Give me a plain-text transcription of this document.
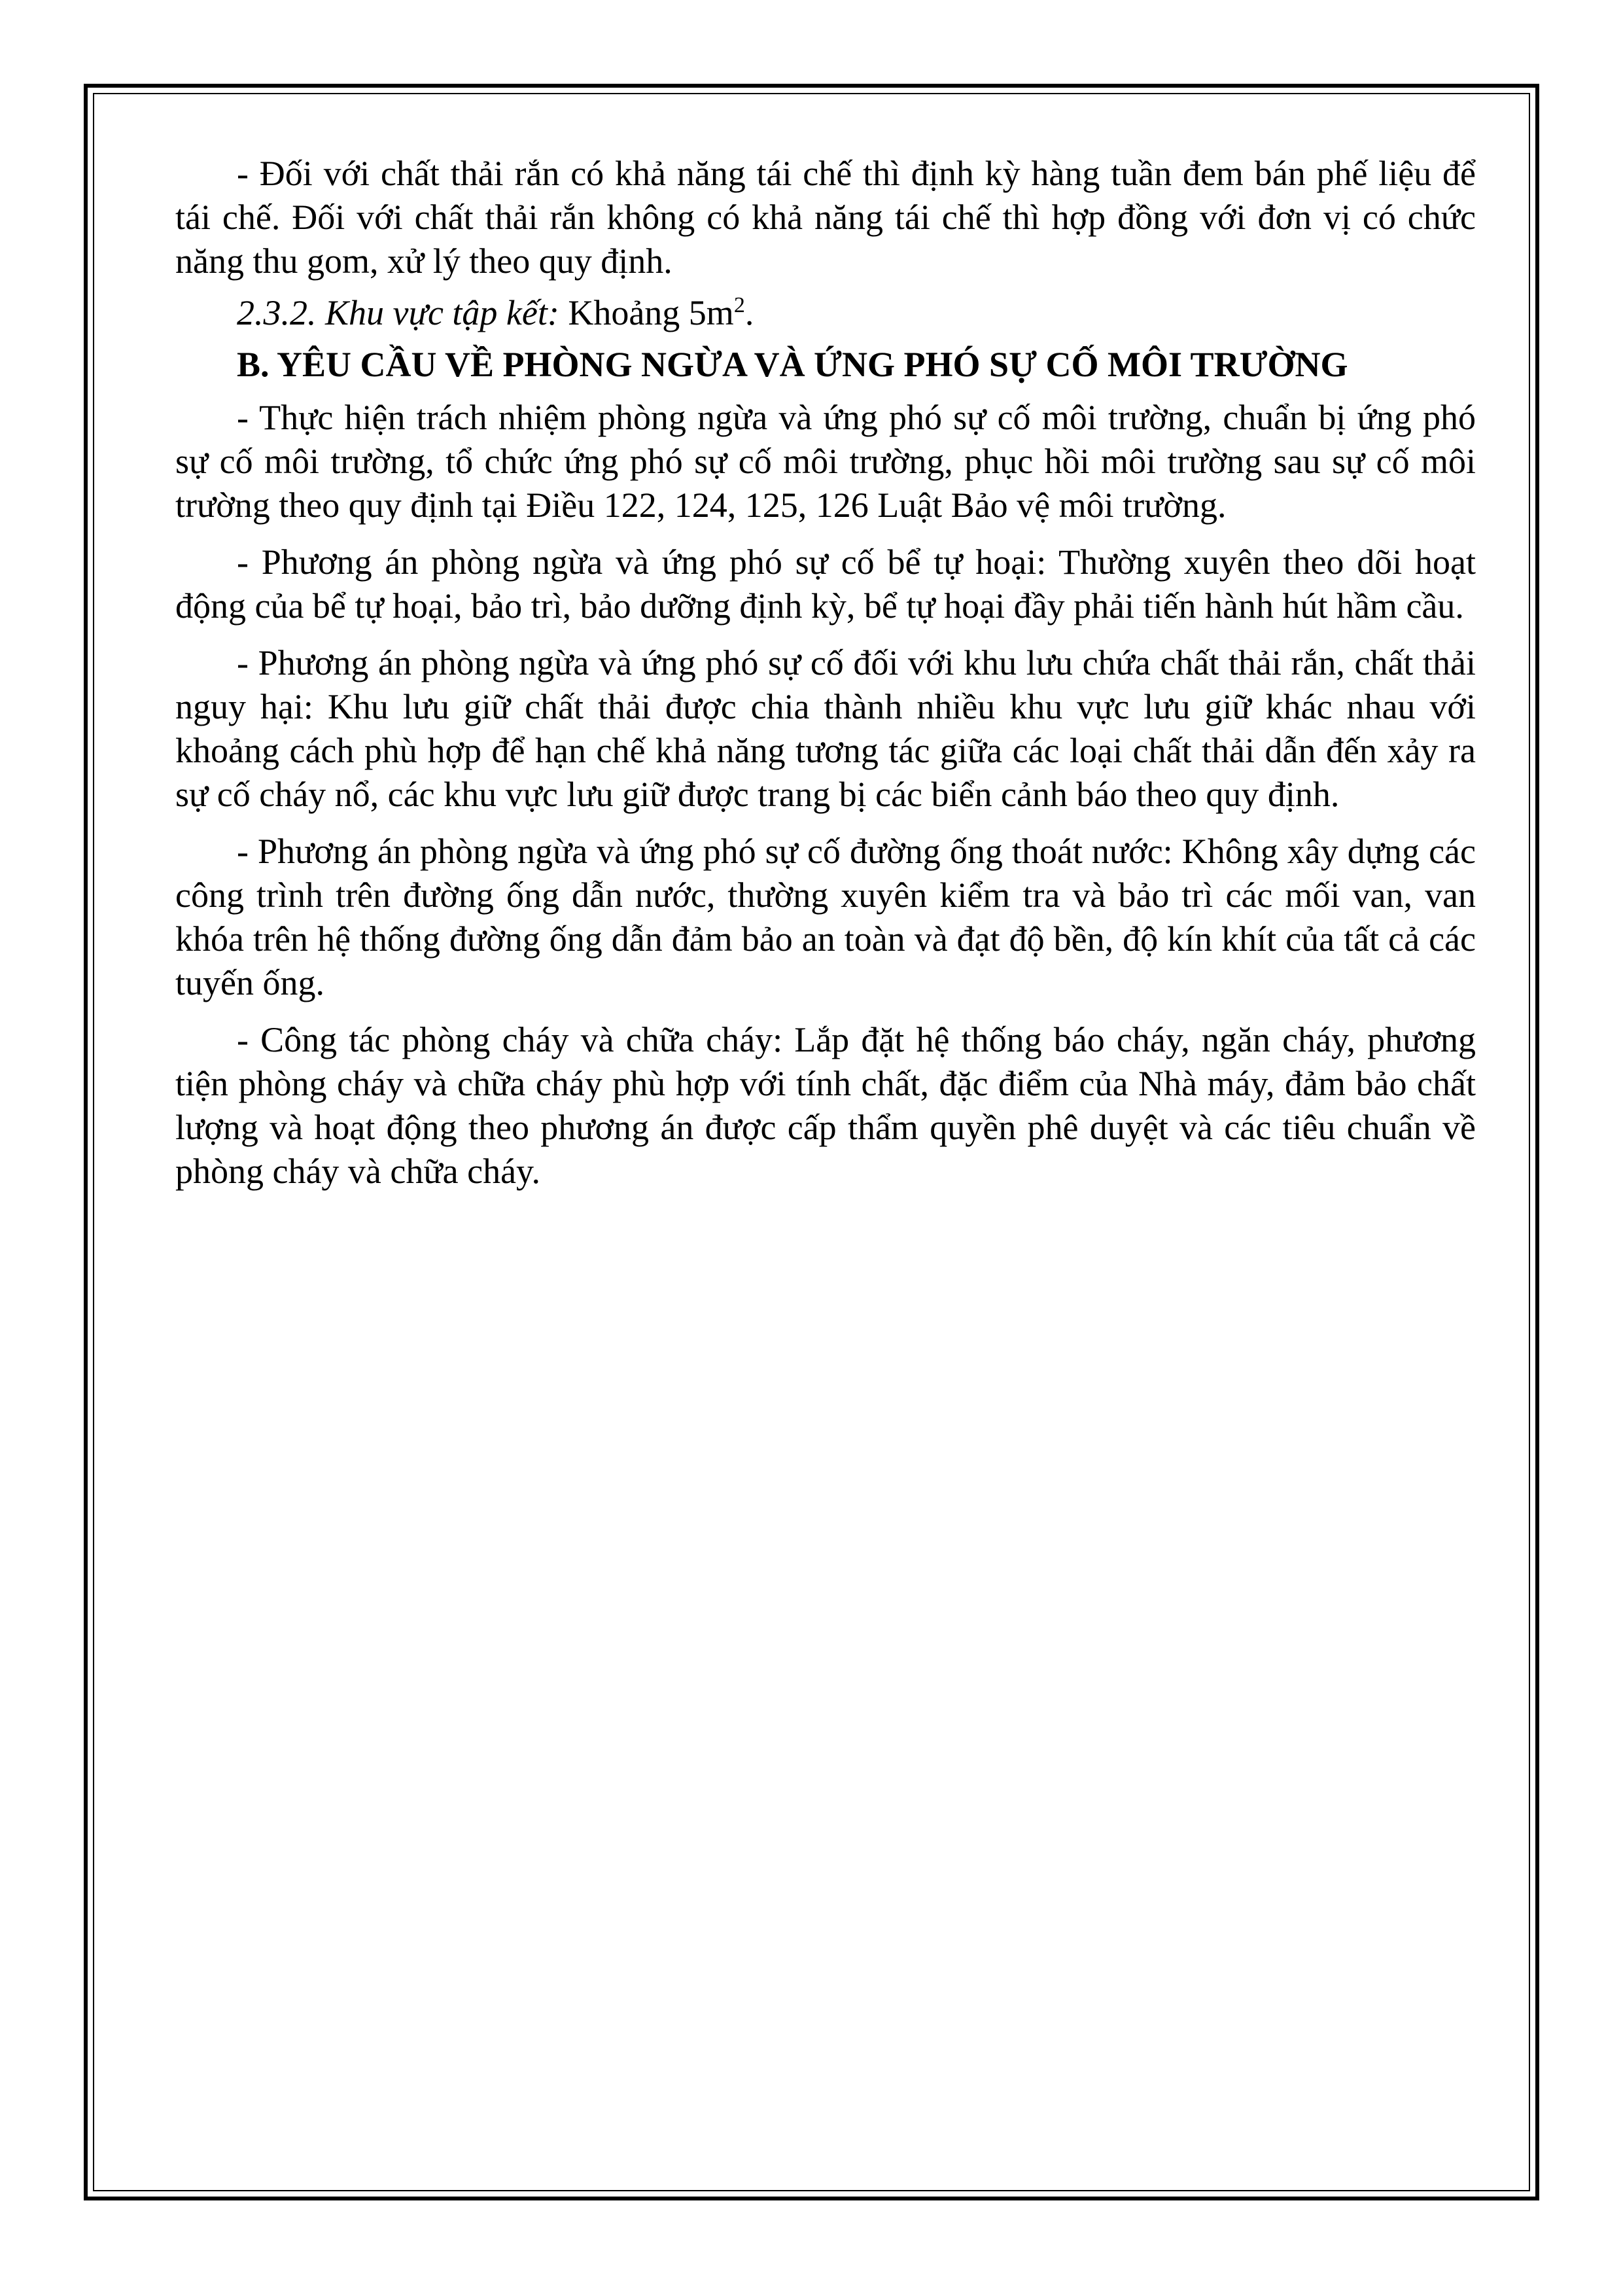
- Đối với chất thải rắn có khả năng tái chế thì định kỳ hàng tuần đem bán phế liệu để tái chế. Đối với chất thải rắn không có khả năng tái chế thì hợp đồng với đơn vị có chức năng thu gom, xử lý theo quy định.

2.3.2. Khu vực tập kết: Khoảng $5m^2$.

B. YÊU CẦU VỀ PHÒNG NGỪA VÀ ỨNG PHÓ SỰ CỐ MÔI TRƯỜNG

- Thực hiện trách nhiệm phòng ngừa và ứng phó sự cố môi trường, chuẩn bị ứng phó sự cố môi trường, tổ chức ứng phó sự cố môi trường, phục hồi môi trường sau sự cố môi trường theo quy định tại Điều 122, 124, 125, 126 Luật Bảo vệ môi trường.

- Phương án phòng ngừa và ứng phó sự cố bể tự hoại: Thường xuyên theo dõi hoạt động của bể tự hoại, bảo trì, bảo dưỡng định kỳ, bể tự hoại đầy phải tiến hành hút hầm cầu.

- Phương án phòng ngừa và ứng phó sự cố đối với khu lưu chứa chất thải rắn, chất thải nguy hại: Khu lưu giữ chất thải được chia thành nhiều khu vực lưu giữ khác nhau với khoảng cách phù hợp để hạn chế khả năng tương tác giữa các loại chất thải dẫn đến xảy ra sự cố cháy nổ, các khu vực lưu giữ được trang bị các biển cảnh báo theo quy định.

- Phương án phòng ngừa và ứng phó sự cố đường ống thoát nước: Không xây dựng các công trình trên đường ống dẫn nước, thường xuyên kiểm tra và bảo trì các mối van, van khóa trên hệ thống đường ống dẫn đảm bảo an toàn và đạt độ bền, độ kín khít của tất cả các tuyến ống.

- Công tác phòng cháy và chữa cháy: Lắp đặt hệ thống báo cháy, ngăn cháy, phương tiện phòng cháy và chữa cháy phù hợp với tính chất, đặc điểm của Nhà máy, đảm bảo chất lượng và hoạt động theo phương án được cấp thẩm quyền phê duyệt và các tiêu chuẩn về phòng cháy và chữa cháy.
